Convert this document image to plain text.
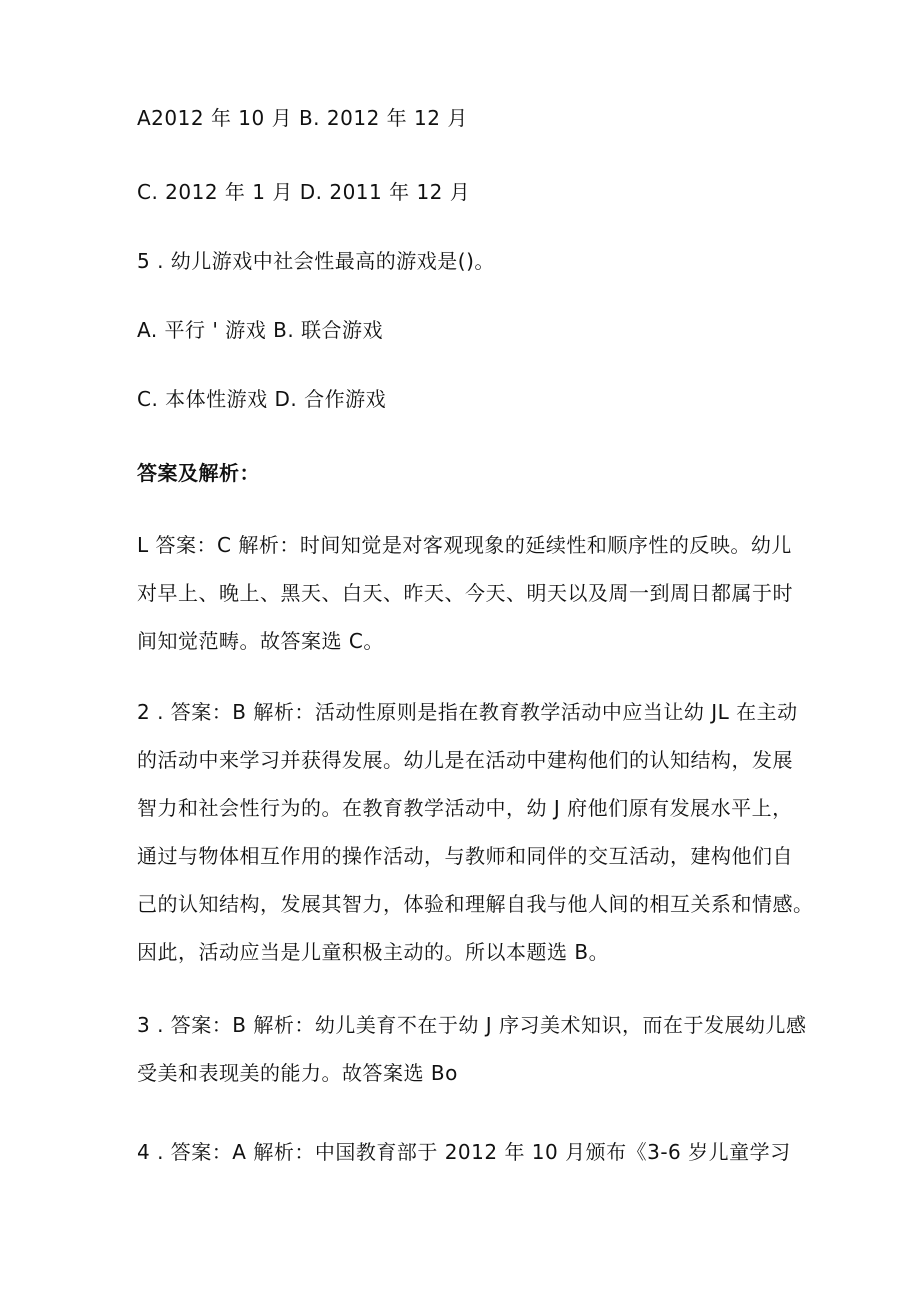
A2012 年 10 月 B. 2012 年 12 月
C. 2012 年 1 月 D. 2011 年 12 月
5 . 幼儿游戏中社会性最高的游戏是()。
A. 平行 ' 游戏 B. 联合游戏
C. 本体性游戏 D. 合作游戏
答案及解析：
L 答案：C 解析：时间知觉是对客观现象的延续性和顺序性的反映。幼儿
对早上、晚上、黑天、白天、昨天、今天、明天以及周一到周日都属于时
间知觉范畴。故答案选 C。
2 . 答案：B 解析：活动性原则是指在教育教学活动中应当让幼 JL 在主动
的活动中来学习并获得发展。幼儿是在活动中建构他们的认知结构，发展
智力和社会性行为的。在教育教学活动中，幼 J 府他们原有发展水平上，
通过与物体相互作用的操作活动，与教师和同伴的交互活动，建构他们自
己的认知结构，发展其智力，体验和理解自我与他人间的相互关系和情感。
因此，活动应当是儿童积极主动的。所以本题选 B。
3 . 答案：B 解析：幼儿美育不在于幼 J 序习美术知识，而在于发展幼儿感
受美和表现美的能力。故答案选 Bo
4 . 答案：A 解析：中国教育部于 2012 年 10 月颁布《3-6 岁儿童学习
